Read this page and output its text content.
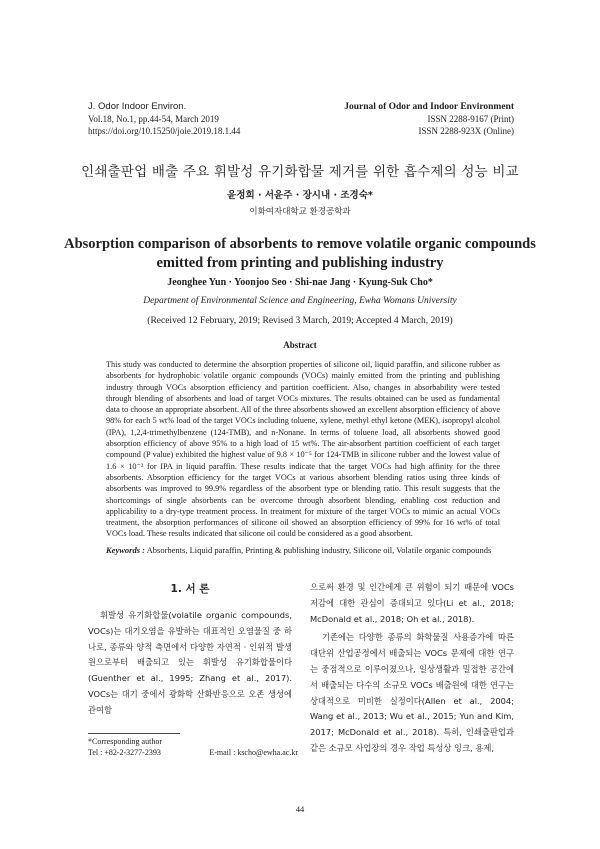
J. Odor Indoor Environ.
Vol.18, No.1, pp.44-54, March 2019
https://doi.org/10.15250/joie.2019.18.1.44
Journal of Odor and Indoor Environment
ISSN 2288-9167 (Print)
ISSN 2288-923X (Online)
인쇄출판업 배출 주요 휘발성 유기화합물 제거를 위한 흡수제의 성능 비교
윤정희 · 서윤주 · 장시내 · 조경숙*
이화여자대학교 환경공학과
Absorption comparison of absorbents to remove volatile organic compounds emitted from printing and publishing industry
Jeonghee Yun · Yoonjoo Seo · Shi-nae Jang · Kyung-Suk Cho*
Department of Environmental Science and Engineering, Ewha Womans University
(Received 12 February, 2019; Revised 3 March, 2019; Accepted 4 March, 2019)
Abstract
This study was conducted to determine the absorption properties of silicone oil, liquid paraffin, and silicone rubber as absorbents for hydrophobic volatile organic compounds (VOCs) mainly emitted from the printing and publishing industry through VOCs absorption efficiency and partition coefficient. Also, changes in absorbability were tested through blending of absorbents and load of target VOCs mixtures. The results obtained can be used as fundamental data to choose an appropriate absorbent. All of the three absorbents showed an excellent absorption efficiency of above 98% for each 5 wt% load of the target VOCs including toluene, xylene, methyl ethyl ketone (MEK), isopropyl alcohol (IPA), 1,2,4-trimethylbenzene (124-TMB), and n-Nonane. In terms of toluene load, all absorbents showed good absorption efficiency of above 95% to a high load of 15 wt%. The air-absorbent partition coefficient of each target compound (P value) exhibited the highest value of 9.8 × 10⁻⁵ for 124-TMB in silicone rubber and the lowest value of 1.6 × 10⁻² for IPA in liquid paraffin. These results indicate that the target VOCs had high affinity for the three absorbents. Absorption efficiency for the target VOCs at various absorbent blending ratios using three kinds of absorbents was improved to 99.9% regardless of the absorbent type or blending ratio. This result suggests that the shortcomings of single absorbents can be overcome through absorbent blending, enabling cost reduction and applicability to a dry-type treatment process. In treatment for mixture of the target VOCs to mimic an actual VOCs treatment, the absorption performances of silicone oil showed an absorption efficiency of 99% for 16 wt% of total VOCs load. These results indicated that silicone oil could be considered as a good absorbent.
Keywords : Absorbents, Liquid paraffin, Printing & publishing industry, Silicone oil, Volatile organic compounds
1. 서 론

휘발성 유기화합물(volatile organic compounds, VOCs)는 대기오염을 유발하는 대표적인 오염물질 중 하나로, 종류와 양적 측면에서 다양한 자연적 · 인위적 발생원으로부터 배출되고 있는 휘발성 유기화합물이다 (Guenther et al., 1995; Zhang et al., 2017). VOCs는 대기 중에서 광화학 산화반응으로 오존 생성에 관여함

으로써 환경 및 인간에게 큰 위험이 되기 때문에 VOCs 저감에 대한 관심이 증대되고 있다(Li et al., 2018; McDonald et al., 2018; Oh et al., 2018).

기존에는 다양한 종류의 화학물질 사용증가에 따른 대단위 산업공정에서 배출되는 VOCs 문제에 대한 연구는 중점적으로 이루어졌으나, 일상생활과 밀접한 공간에서 배출되는 다수의 소규모 VOCs 배출원에 대한 연구는 상대적으로 미비한 실정이다(Allen et al., 2004; Wang et al., 2013; Wu et al., 2015; Yun and Kim, 2017; McDonald et al., 2018). 특히, 인쇄출판업과 같은 소규모 사업장의 경우 작업 특성상 잉크, 용제,

*Corresponding author
Tel : +82-2-3277-2393	E-mail : kscho@ewha.ac.kr
44
